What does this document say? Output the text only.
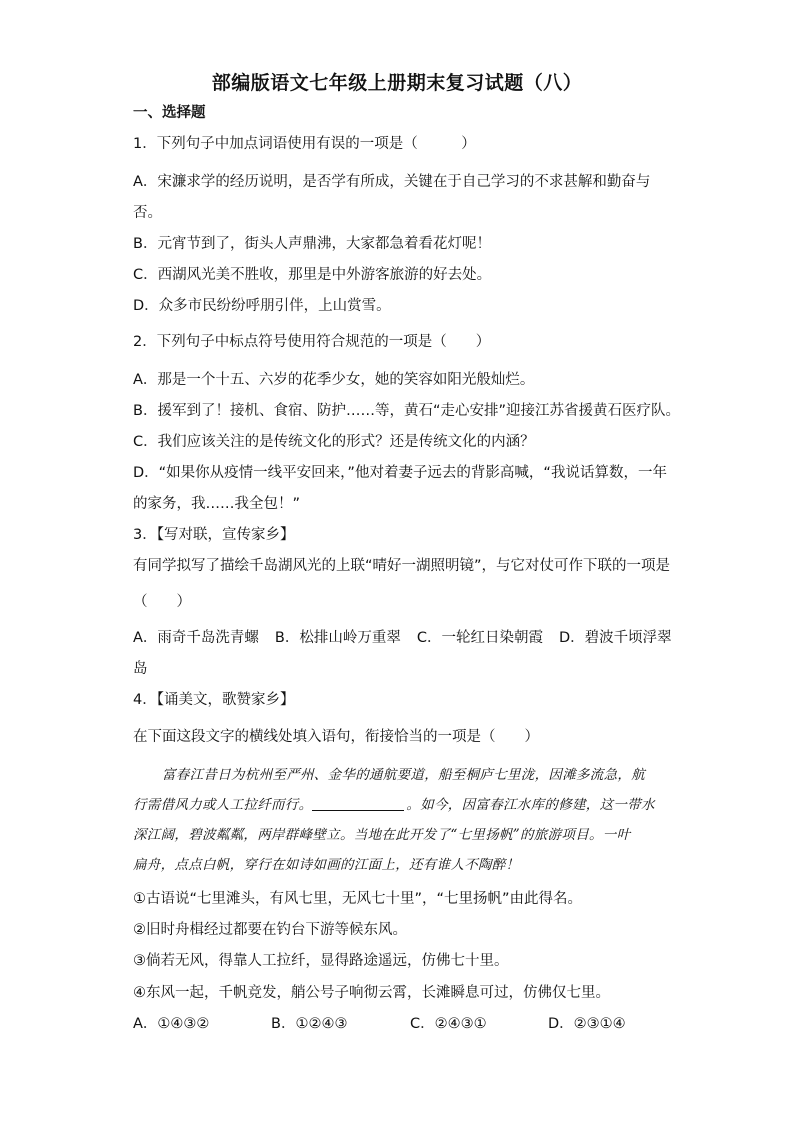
部编版语文七年级上册期末复习试题（八）
一、选择题
1．下列句子中加点词语使用有误的一项是（　　　）
A．宋濂求学的经历说明，是否学有所成，关键在于自己学习的不求甚解和勤奋与
否。
B．元宵节到了，街头人声鼎沸，大家都急着看花灯呢！
C．西湖风光美不胜收，那里是中外游客旅游的好去处。
D．众多市民纷纷呼朋引伴，上山赏雪。
2．下列句子中标点符号使用符合规范的一项是（　　）
A．那是一个十五、六岁的花季少女，她的笑容如阳光般灿烂。
B．援军到了！接机、食宿、防护……等，黄石“走心安排”迎接江苏省援黄石医疗队。
C．我们应该关注的是传统文化的形式？还是传统文化的内涵？
D．“如果你从疫情一线平安回来，”他对着妻子远去的背影高喊，“我说话算数，一年
的家务，我……我全包！”
3．【写对联，宣传家乡】
有同学拟写了描绘千岛湖风光的上联“晴好一湖照明镜”，与它对仗可作下联的一项是
（　　）
A．雨奇千岛洗青螺 B．松排山岭万重翠 C．一轮红日染朝霞 D．碧波千顷浮翠
岛
4．【诵美文，歌赞家乡】
在下面这段文字的横线处填入语句，衔接恰当的一项是（　　）
富春江昔日为杭州至严州、金华的通航要道，船至桐庐七里泷，因滩多流急，航
行需借风力或人工拉纤而行。	。如今，因富春江水库的修建，这一带水
深江阔，碧波粼粼，两岸群峰壁立。当地在此开发了“七里扬帆”的旅游项目。一叶
扁舟，点点白帆，穿行在如诗如画的江面上，还有谁人不陶醉！
①古语说“七里滩头，有风七里，无风七十里”，“七里扬帆”由此得名。
②旧时舟楫经过都要在钓台下游等候东风。
③倘若无风，得靠人工拉纤，显得路途遥远，仿佛七十里。
④东风一起，千帆竞发，艄公号子响彻云霄，长滩瞬息可过，仿佛仅七里。
A．①④③②	B．①②④③	C．②④③①	D．②③①④
